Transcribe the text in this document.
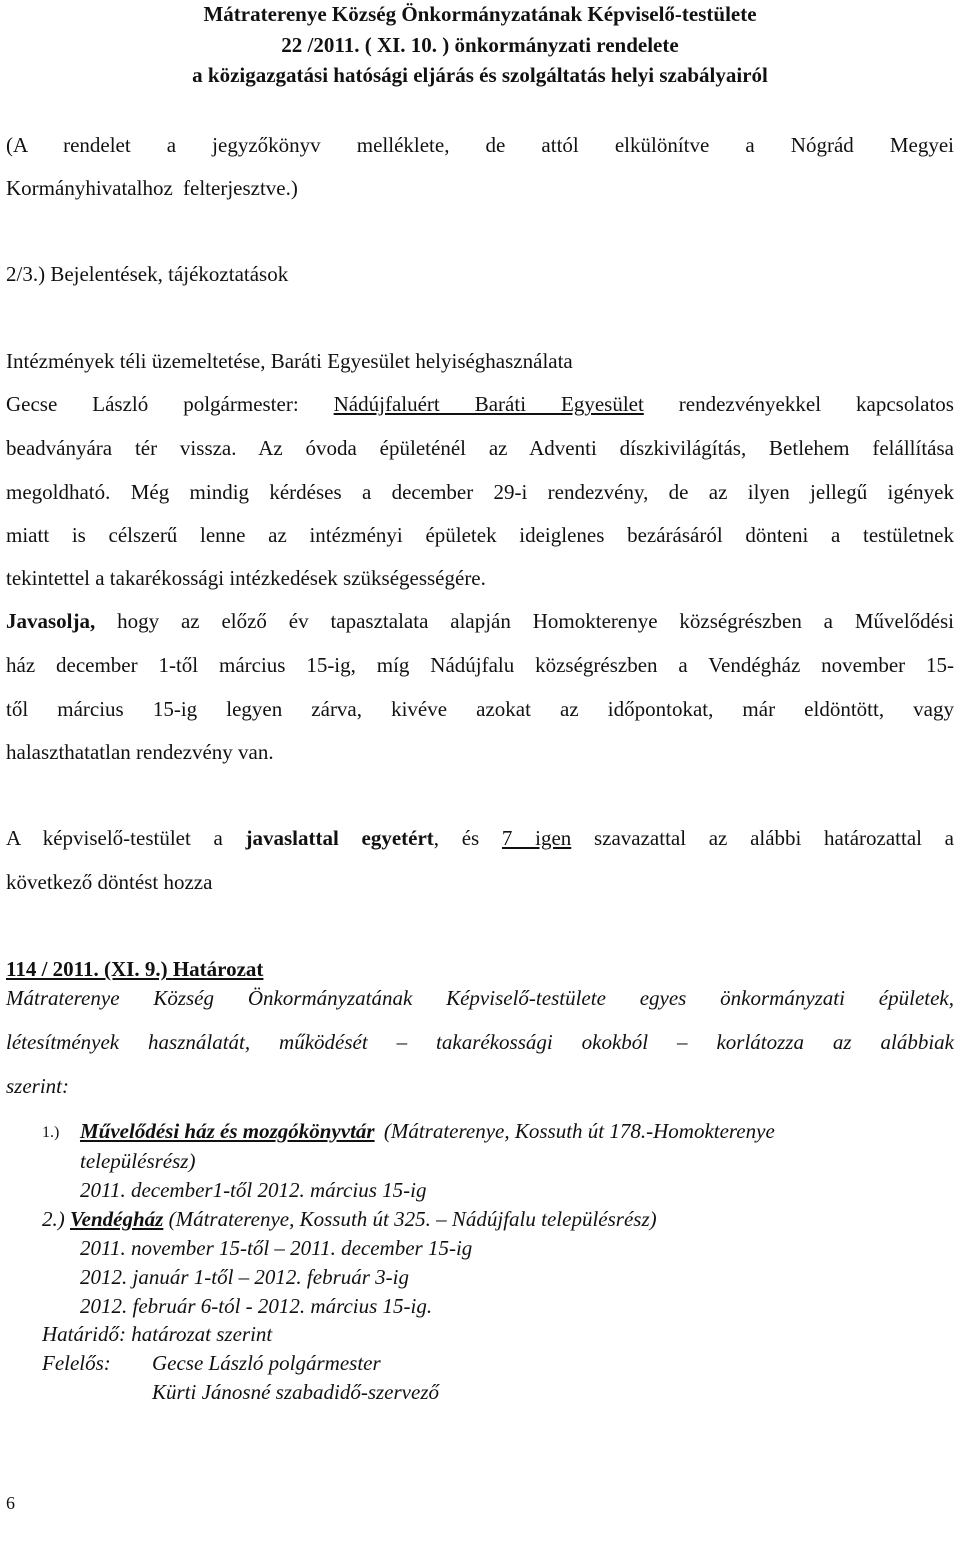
Mátraterenye Község Önkormányzatának Képviselő-testülete
22 /2011. ( XI. 10. ) önkormányzati rendelete
a közigazgatási hatósági eljárás és szolgáltatás helyi szabályairól
(A rendelet a jegyzőkönyv melléklete, de attól elkülönítve a Nógrád Megyei
Kormányhivatalhoz felterjesztve.)
2/3.) Bejelentések, tájékoztatások
Intézmények téli üzemeltetése, Baráti Egyesület helyiséghasználata
Gecse László polgármester: Nádújfaluért Baráti Egyesület rendezvényekkel kapcsolatos
beadványára tér vissza. Az óvoda épületénél az Adventi díszkivilágítás, Betlehem felállítása
megoldható. Még mindig kérdéses a december 29-i rendezvény, de az ilyen jellegű igények
miatt is célszerű lenne az intézményi épületek ideiglenes bezárásáról dönteni a testületnek
tekintettel a takarékossági intézkedések szükségességére.
Javasolja, hogy az előző év tapasztalata alapján Homokterenye községrészben a Művelődési
ház december 1-től március 15-ig, míg Nádújfalu községrészben a Vendégház november 15-
től március 15-ig legyen zárva, kivéve azokat az időpontokat, már eldöntött, vagy
halaszthatatlan rendezvény van.
A képviselő-testület a javaslattal egyetért, és 7 igen szavazattal az alábbi határozattal a
következő döntést hozza
114 / 2011. (XI. 9.) Határozat
Mátraterenye Község Önkormányzatának Képviselő-testülete egyes önkormányzati épületek,
létesítmények használatát, működését – takarékossági okokból – korlátozza az alábbiak
szerint:
1.) Művelődési ház és mozgókönyvtár (Mátraterenye, Kossuth út 178.-Homokterenye
településrész)
2011. december1-től 2012. március 15-ig
2.) Vendégház (Mátraterenye, Kossuth út 325. – Nádújfalu településrész)
2011. november 15-től – 2011. december 15-ig
2012. január 1-től – 2012. február 3-ig
2012. február 6-tól - 2012. március 15-ig.
Határidő: határozat szerint
Felelős: Gecse László polgármester
Kürti Jánosné szabadidő-szervező
6
